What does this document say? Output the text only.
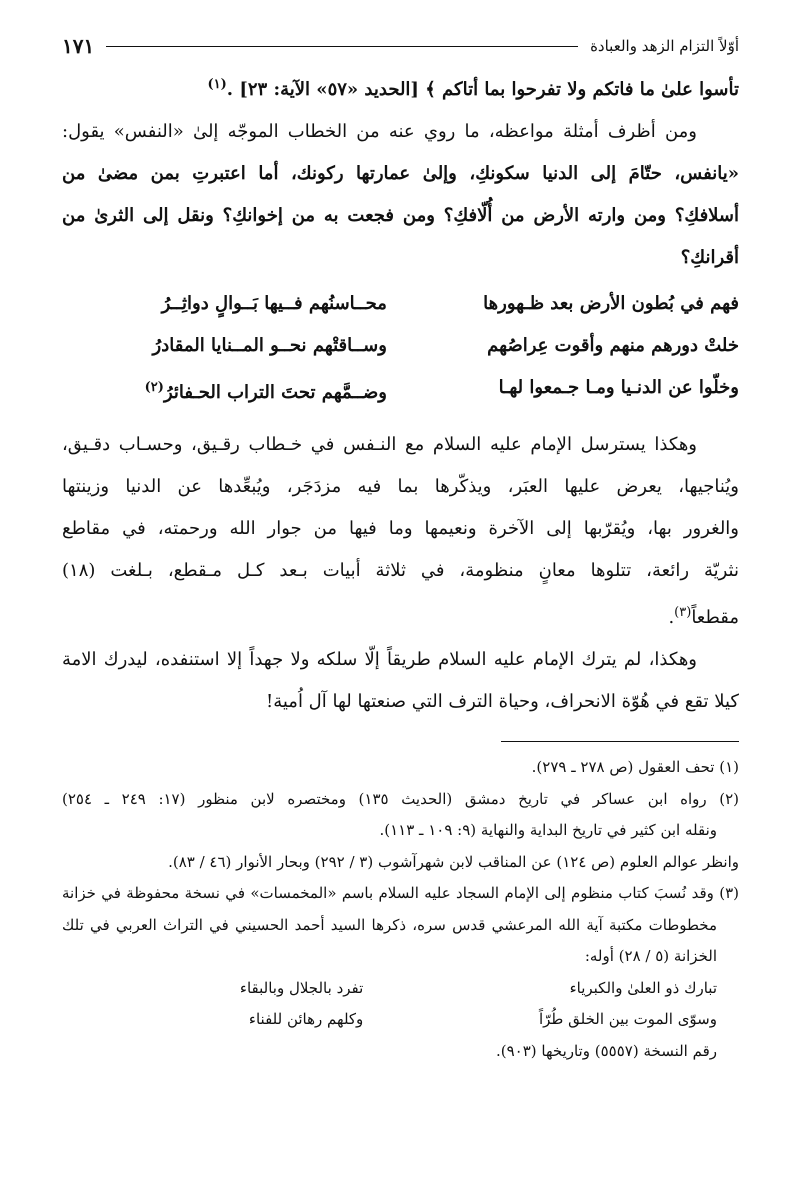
أوّلاً التزام الزهد والعبادة
١٧١
تأسوا علىٰ ما فاتكم ولا تفرحوا بما أتاكم ﴾ [الحديد «٥٧» الآية: ٢٣] .$^{(١)}$
ومن أظرف أمثلة مواعظه، ما روي عنه من الخطاب الموجّه إلىٰ «النفس» يقول:
«يانفس، حتّامَ إلى الدنيا سكونكِ، وإلىٰ عمارتها ركونك، أما اعتبرتِ بمن مضىٰ من
أسلافكِ؟ ومن وارته الأرض من أُلّافكِ؟ ومن فجعت به من إخوانكِ؟ ونقل إلى الثرىٰ من
أقرانكِ؟
فهم في بُطون الأرض بعد ظـهورها
محــاسنُهم فــيها بَــوالٍ دواثِــرُ
خلتْ دورهم منهم وأقوت عِراصُهم
وســاقتْهم نحــو المــنايا المقادرُ
وخلّوا عن الدنـيا ومـا جـمعوا لهـا
وضــمَّهم تحتَ التراب الحـفائرُ$^{(٢)}$
وهكذا يسترسل الإمام عليه السلام مع النـفس في خـطاب رقـيق، وحسـاب دقـيق،
ويُناجيها، يعرض عليها العبَر، ويذكّرها بما فيه مزدَجَر، ويُبعِّدها عن الدنيا وزينتها
والغرور بها، ويُقرّبها إلى الآخرة ونعيمها وما فيها من جوار الله ورحمته، في مقاطع
نثريّة رائعة، تتلوها معانٍ منظومة، في ثلاثة أبيات بـعد كـل مـقطع، بـلغت (١٨)
مقطعاً$^{(٣)}$.
وهكذا، لم يترك الإمام عليه السلام طريقاً إلّا سلكه ولا جهداً إلا استنفده، ليدرك الامة
كيلا تقع في هُوّة الانحراف، وحياة الترف التي صنعتها لها آل اُمية!
(١) تحف العقول (ص ٢٧٨ ـ ٢٧٩).
(٢) رواه ابن عساكر في تاريخ دمشق (الحديث ١٣٥) ومختصره لابن منظور (١٧: ٢٤٩ ـ ٢٥٤)
ونقله ابن كثير في تاريخ البداية والنهاية (٩: ١٠٩ ـ ١١٣).
وانظر عوالم العلوم (ص ١٢٤) عن المناقب لابن شهرآشوب (٣ / ٢٩٢) وبحار الأنوار (٤٦ / ٨٣).
(٣) وقد نُسبَ كتاب منظوم إلى الإمام السجاد عليه السلام باسم «المخمسات» في نسخة محفوظة في خزانة
مخطوطات مكتبة آية الله المرعشي قدس سره، ذكرها السيد أحمد الحسيني في التراث العربي في تلك
الخزانة (٥ / ٢٨) أوله:
تبارك ذو العلىٰ والكبرياء
تفرد بالجلال وبالبقاء
وسوّى الموت بين الخلق طُرّاً
وكلهم رهائن للفناء
رقم النسخة (٥٥٥٧) وتاريخها (٩٠٣).
